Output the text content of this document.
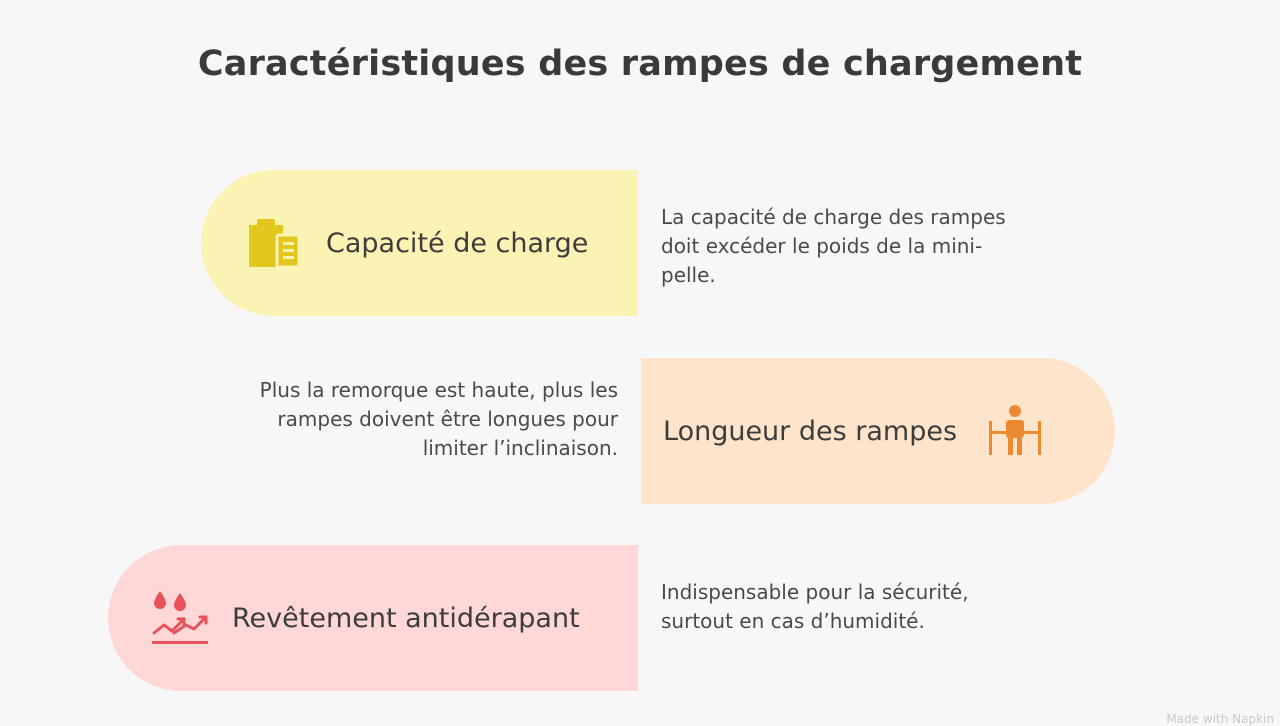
Caractéristiques des rampes de chargement
Capacité de charge
La capacité de charge des rampes doit excéder le poids de la mini-pelle.
Plus la remorque est haute, plus les rampes doivent être longues pour limiter l’inclinaison.
Longueur des rampes
Revêtement antidérapant
Indispensable pour la sécurité, surtout en cas d’humidité.
Made with Napkin
